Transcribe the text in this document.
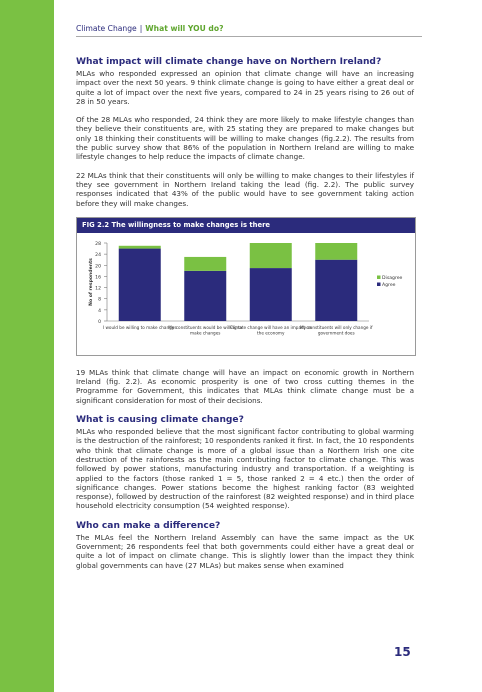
Climate Change | What will YOU do?
What impact will climate change have on Northern Ireland?

MLAs who responded expressed an opinion that climate change will have an increasing impact over the next 50 years. 9 think climate change is going to have either a great deal or quite a lot of impact over the next five years, compared to 24 in 25 years rising to 26 out of 28 in 50 years.

Of the 28 MLAs who responded, 24 think they are more likely to make lifestyle changes than they believe their constituents are, with 25 stating they are prepared to make changes but only 18 thinking their constituents will be willing to make changes (fig.2.2). The results from the public survey show that 86% of the population in Northern Ireland are willing to make lifestyle changes to help reduce the impacts of climate change.

22 MLAs think that their constituents will only be willing to make changes to their lifestyles if they see government in Northern Ireland taking the lead (fig. 2.2). The public survey responses indicated that 43% of the public would have to see government taking action before they will make changes.

FIG 2.2 The willingness to make changes is there
0
4
8
12
16
20
24
28
No of respondents
I would be willing to make changes
My constituents would be willing to
make changes
Climate change will have an impact on
the economy
My constituents will only change if
government does
Disagree
Agree

19 MLAs think that climate change will have an impact on economic growth in Northern Ireland (fig. 2.2). As economic prosperity is one of two cross cutting themes in the Programme for Government, this indicates that MLAs think climate change must be a significant consideration for most of their decisions.

What is causing climate change?

MLAs who responded believe that the most significant factor contributing to global warming is the destruction of the rainforest; 10 respondents ranked it first. In fact, the 10 respondents who think that climate change is more of a global issue than a Northern Irish one cite destruction of the rainforests as the main contributing factor to climate change. This was followed by power stations, manufacturing industry and transportation. If a weighting is applied to the factors (those ranked 1 = 5, those ranked 2 = 4 etc.) then the order of significance changes. Power stations become the highest ranking factor (83 weighted response), followed by destruction of the rainforest (82 weighted response) and in third place household electricity consumption (54 weighted response).

Who can make a difference?

The MLAs feel the Northern Ireland Assembly can have the same impact as the UK Government; 26 respondents feel that both governments could either have a great deal or quite a lot of impact on climate change. This is slightly lower than the impact they think global governments can have (27 MLAs) but makes sense when examined

15
